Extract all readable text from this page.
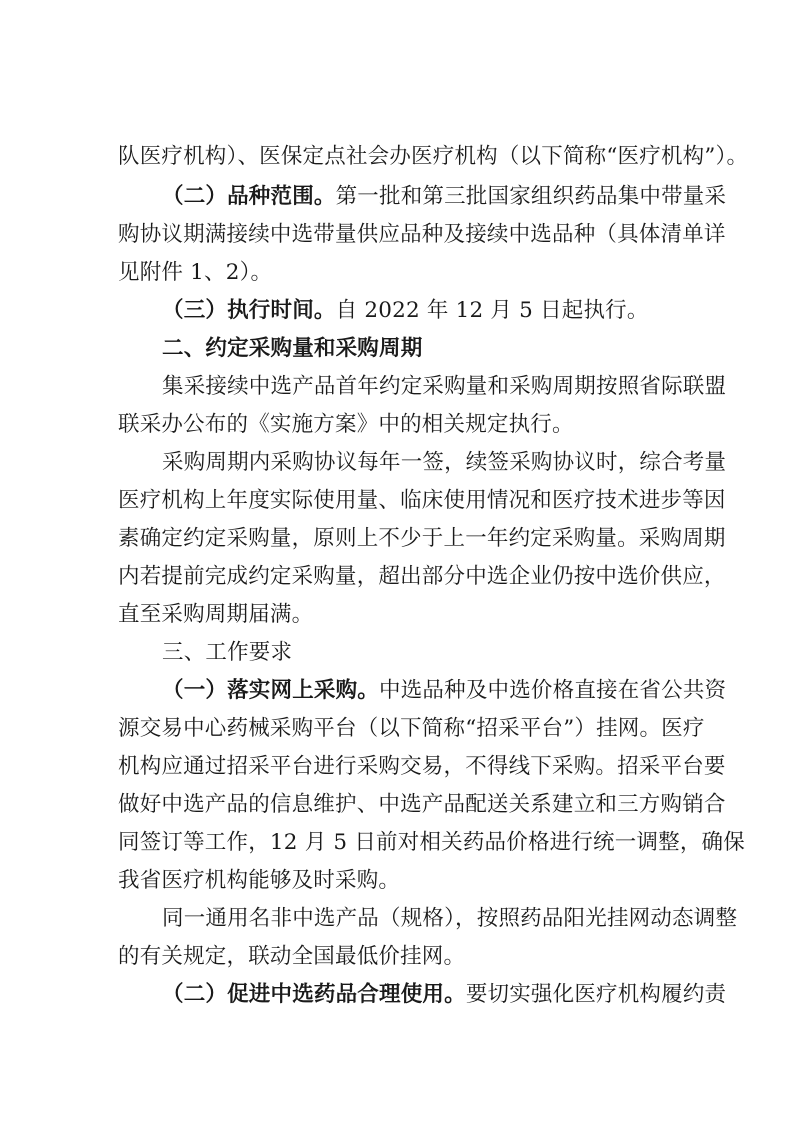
队医疗机构）、医保定点社会办医疗机构（以下简称“医疗机构”）。
（二）品种范围。第一批和第三批国家组织药品集中带量采
购协议期满接续中选带量供应品种及接续中选品种（具体清单详
见附件 1、2）。
（三）执行时间。自 2022 年 12 月 5 日起执行。
二、约定采购量和采购周期
集采接续中选产品首年约定采购量和采购周期按照省际联盟
联采办公布的《实施方案》中的相关规定执行。
采购周期内采购协议每年一签，续签采购协议时，综合考量
医疗机构上年度实际使用量、临床使用情况和医疗技术进步等因
素确定约定采购量，原则上不少于上一年约定采购量。采购周期
内若提前完成约定采购量，超出部分中选企业仍按中选价供应，
直至采购周期届满。
三、工作要求
（一）落实网上采购。中选品种及中选价格直接在省公共资
源交易中心药械采购平台（以下简称“招采平台”）挂网。医疗
机构应通过招采平台进行采购交易，不得线下采购。招采平台要
做好中选产品的信息维护、中选产品配送关系建立和三方购销合
同签订等工作，12 月 5 日前对相关药品价格进行统一调整，确保
我省医疗机构能够及时采购。
同一通用名非中选产品（规格），按照药品阳光挂网动态调整
的有关规定，联动全国最低价挂网。
（二）促进中选药品合理使用。要切实强化医疗机构履约责
